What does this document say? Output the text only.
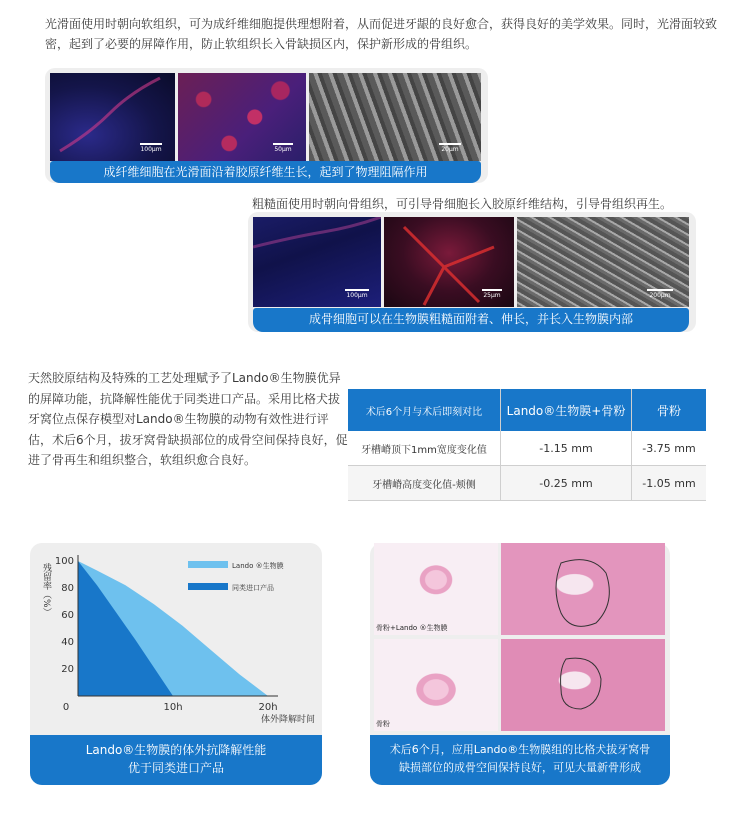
光滑面使用时朝向软组织，可为成纤维细胞提供理想附着，从而促进牙龈的良好愈合，获得良好的美学效果。同时，光滑面较致密，起到了必要的屏障作用，防止软组织长入骨缺损区内，保护新形成的骨组织。
100μm	50μm	20μm
成纤维细胞在光滑面沿着胶原纤维生长，起到了物理阻隔作用
粗糙面使用时朝向骨组织，可引导骨细胞长入胶原纤维结构，引导骨组织再生。
100μm	25μm	200μm
成骨细胞可以在生物膜粗糙面附着、伸长，并长入生物膜内部
天然胶原结构及特殊的工艺处理赋予了Lando®生物膜优异的屏障功能，抗降解性能优于同类进口产品。采用比格犬拔牙窝位点保存模型对Lando®生物膜的动物有效性进行评估，术后6个月，拔牙窝骨缺损部位的成骨空间保持良好，促进了骨再生和组织整合，软组织愈合良好。
术后6个月与术后即刻对比	Lando®生物膜+骨粉	骨粉
牙槽嵴顶下1mm宽度变化值	-1.15 mm	-3.75 mm
牙槽嵴高度变化值-颊侧	-0.25 mm	-1.05 mm
100
80
60
40
20
0	10h	20h
体外降解时间
残留率（%）	Lando ®生物膜
同类进口产品
Lando®生物膜的体外抗降解性能
优于同类进口产品
骨粉+Lando ®生物膜
骨粉
术后6个月，应用Lando®生物膜组的比格犬拔牙窝骨
缺损部位的成骨空间保持良好，可见大量新骨形成
